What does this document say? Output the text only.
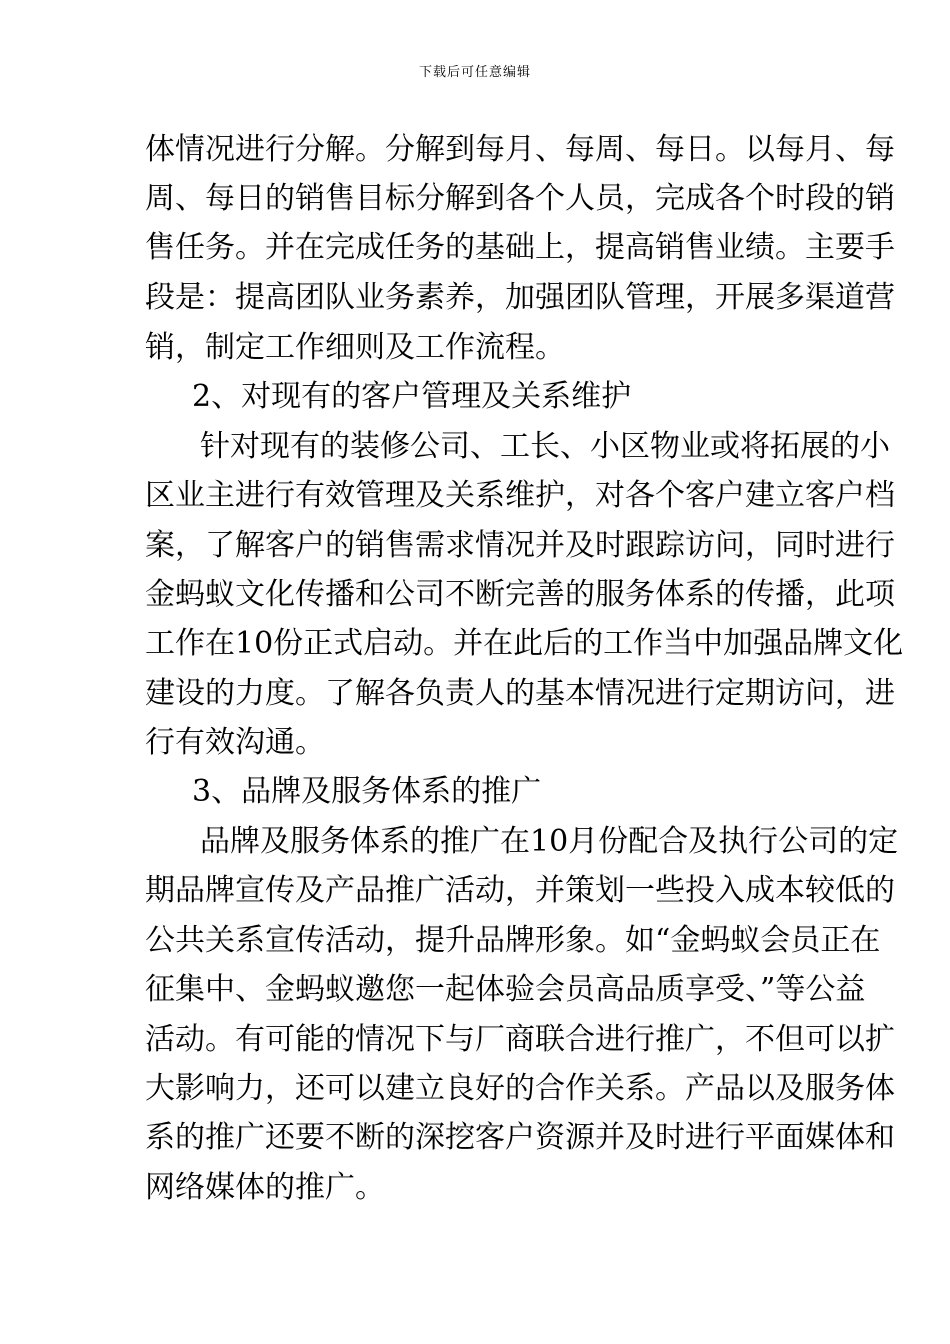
下载后可任意编辑
体情况进行分解。分解到每月、每周、每日。以每月、每
周、每日的销售目标分解到各个人员，完成各个时段的销
售任务。并在完成任务的基础上，提高销售业绩。主要手
段是：提高团队业务素养，加强团队管理，开展多渠道营
销，制定工作细则及工作流程。
2、对现有的客户管理及关系维护
针对现有的装修公司、工长、小区物业或将拓展的小
区业主进行有效管理及关系维护，对各个客户建立客户档
案，了解客户的销售需求情况并及时跟踪访问，同时进行
金蚂蚁文化传播和公司不断完善的服务体系的传播，此项
工作在10份正式启动。并在此后的工作当中加强品牌文化
建设的力度。了解各负责人的基本情况进行定期访问，进
行有效沟通。
3、品牌及服务体系的推广
品牌及服务体系的推广在10月份配合及执行公司的定
期品牌宣传及产品推广活动，并策划一些投入成本较低的
公共关系宣传活动，提升品牌形象。如“金蚂蚁会员正在
征集中、金蚂蚁邀您一起体验会员高品质享受、”等公益
活动。有可能的情况下与厂商联合进行推广，不但可以扩
大影响力，还可以建立良好的合作关系。产品以及服务体
系的推广还要不断的深挖客户资源并及时进行平面媒体和
网络媒体的推广。
